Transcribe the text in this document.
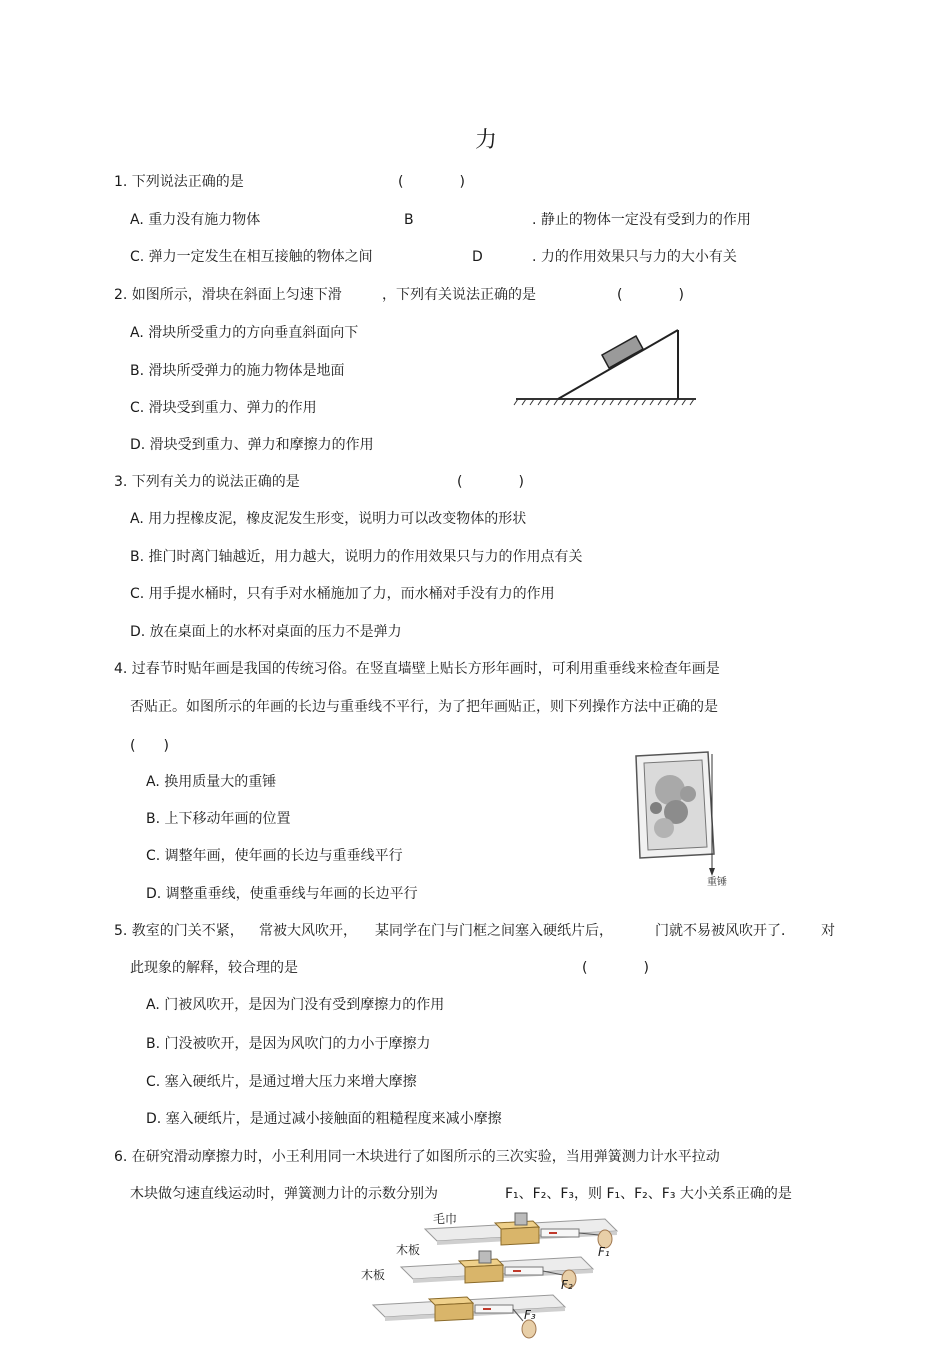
力
1. 下列说法正确的是	(　　　　)
A. 重力没有施力物体	B	. 静止的物体一定没有受到力的作用
C. 弹力一定发生在相互接触的物体之间	D	. 力的作用效果只与力的大小有关
2. 如图所示，滑块在斜面上匀速下滑	，下列有关说法正确的是	(　　　　)
A. 滑块所受重力的方向垂直斜面向下
B. 滑块所受弹力的施力物体是地面
C. 滑块受到重力、弹力的作用
D. 滑块受到重力、弹力和摩擦力的作用
3. 下列有关力的说法正确的是	(　　　　)
A. 用力捏橡皮泥，橡皮泥发生形变，说明力可以改变物体的形状
B. 推门时离门轴越近，用力越大，说明力的作用效果只与力的作用点有关
C. 用手提水桶时，只有手对水桶施加了力，而水桶对手没有力的作用
D. 放在桌面上的水杯对桌面的压力不是弹力
4. 过春节时贴年画是我国的传统习俗。在竖直墙壁上贴长方形年画时，可利用重垂线来检查年画是
否贴正。如图所示的年画的长边与重垂线不平行，为了把年画贴正，则下列操作方法中正确的是
(　　)
A. 换用质量大的重锤
B. 上下移动年画的位置
C. 调整年画，使年画的长边与重垂线平行
D. 调整重垂线，使重垂线与年画的长边平行
重锤
5. 教室的门关不紧， 常被大风吹开， 某同学在门与门框之间塞入硬纸片后，	门就不易被风吹开了． 对
此现象的解释，较合理的是	(　　　　)
A. 门被风吹开，是因为门没有受到摩擦力的作用
B. 门没被吹开，是因为风吹门的力小于摩擦力
C. 塞入硬纸片，是通过增大压力来增大摩擦
D. 塞入硬纸片，是通过减小接触面的粗糙程度来减小摩擦
6. 在研究滑动摩擦力时，小王利用同一木块进行了如图所示的三次实验，当用弹簧测力计水平拉动
木块做匀速直线运动时，弹簧测力计的示数分别为	F₁、F₂、F₃，则 F₁、F₂、F₃ 大小关系正确的是
毛巾
木板
木板
F₁
F₂
F₃
